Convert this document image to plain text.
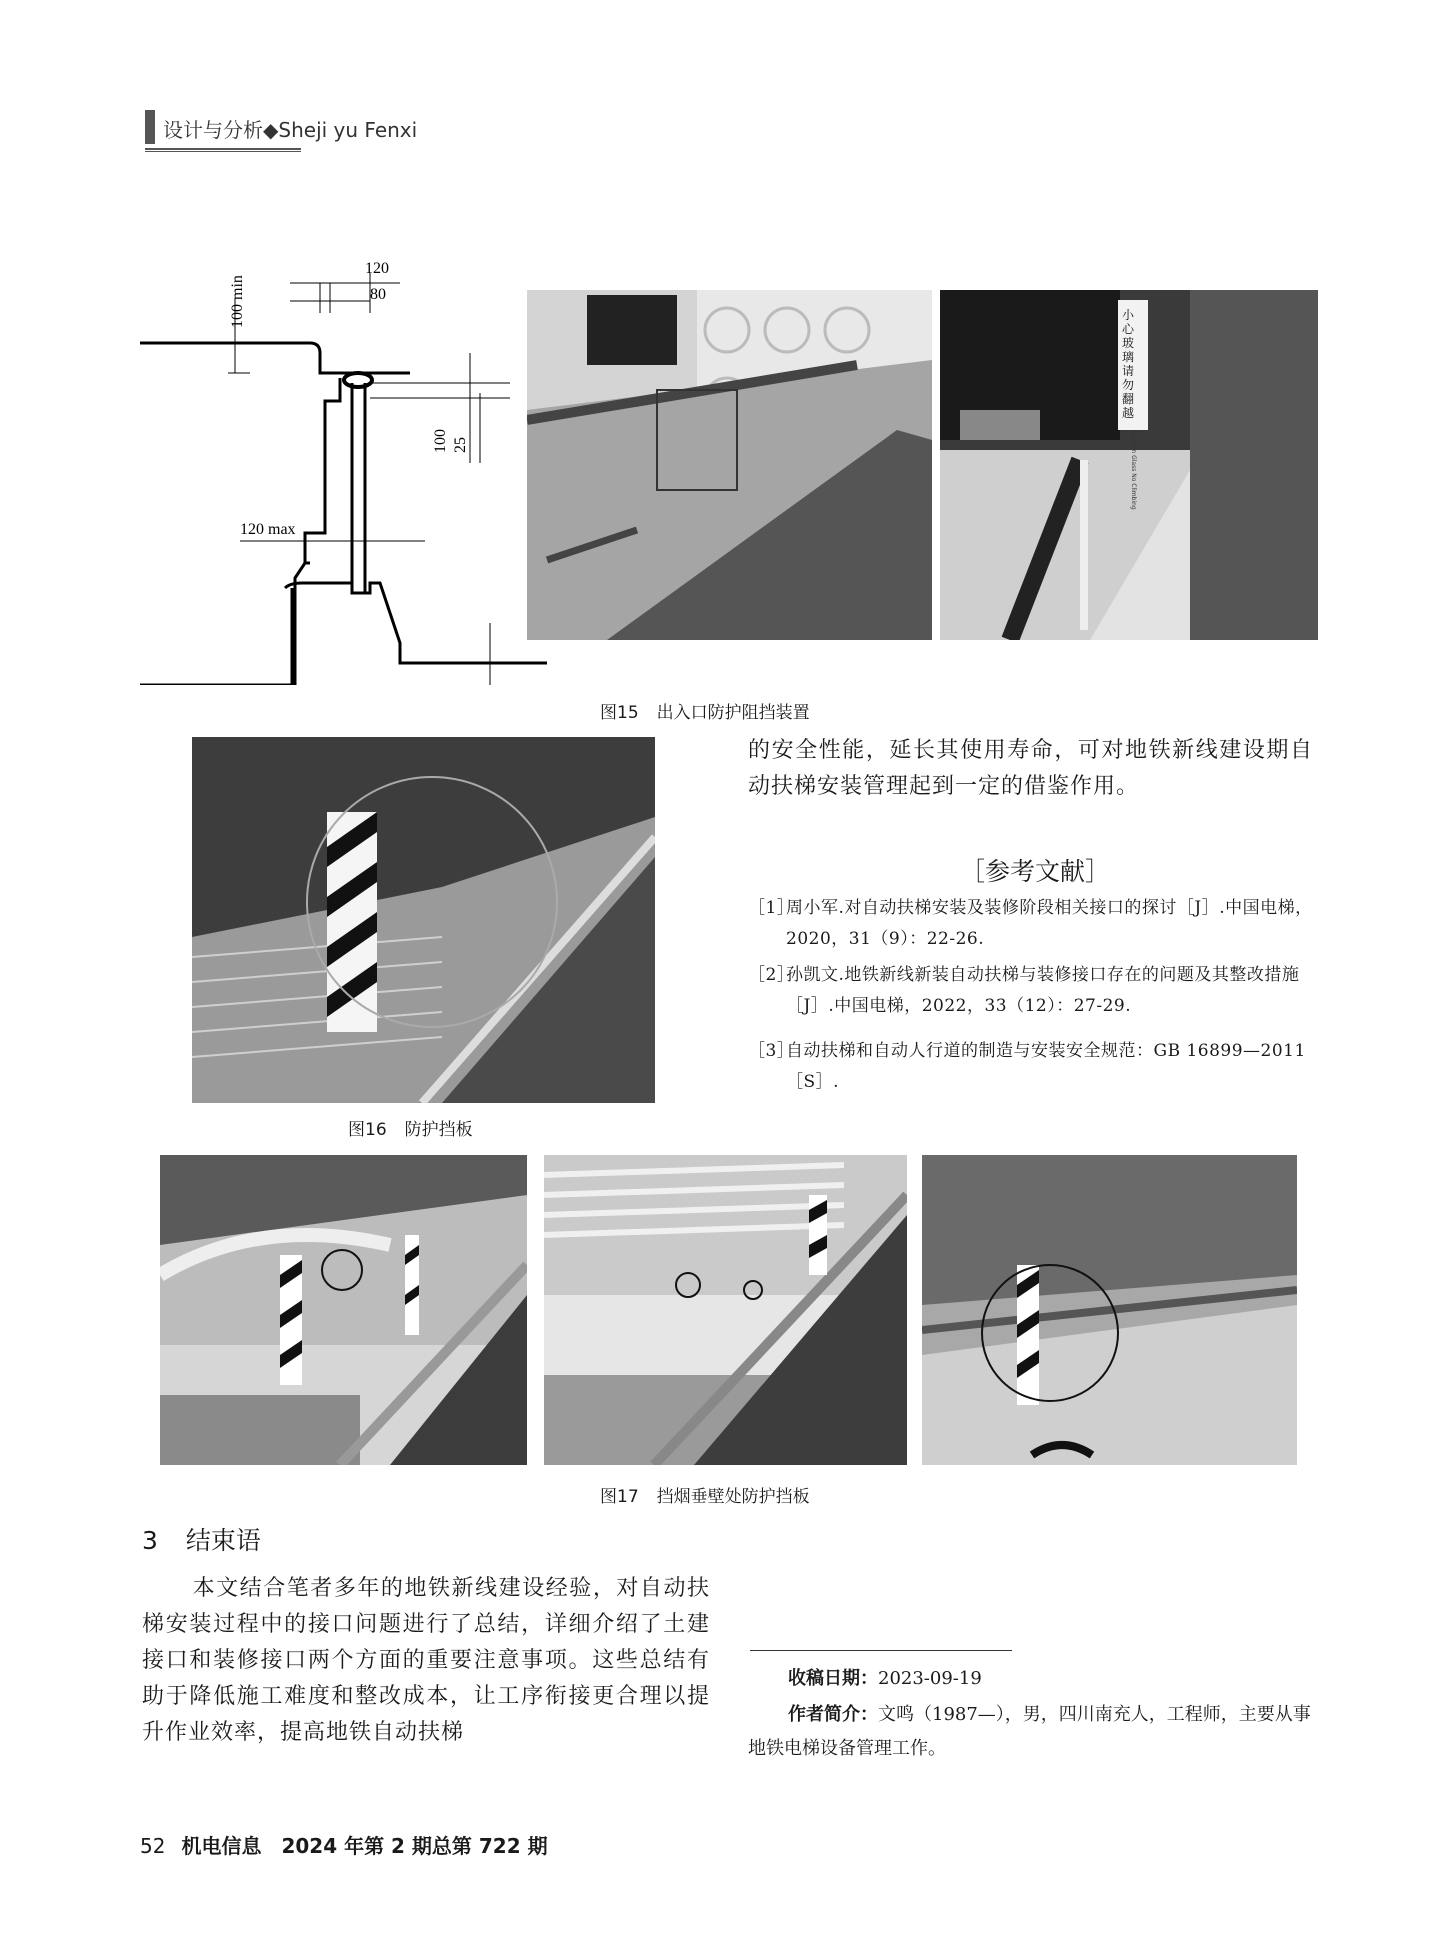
设计与分析◆Sheji yu Fenxi
100 min
120
80
100 25
120 max
小心玻璃 请勿翻越
Caution Glass No Climbing
图15 出入口防护阻挡装置
图16 防护挡板
的安全性能，延长其使用寿命，可对地铁新线建设期自动扶梯安装管理起到一定的借鉴作用。
［参考文献］
［1］
周小军.对自动扶梯安装及装修阶段相关接口的探讨［J］.中国电梯，2020，31（9）：22-26.
［2］
孙凯文.地铁新线新装自动扶梯与装修接口存在的问题及其整改措施［J］.中国电梯，2022，33（12）：27-29.
［3］
自动扶梯和自动人行道的制造与安装安全规范：GB 16899—2011［S］.
图17 挡烟垂壁处防护挡板
3 结束语
本文结合笔者多年的地铁新线建设经验，对自动扶梯安装过程中的接口问题进行了总结，详细介绍了土建接口和装修接口两个方面的重要注意事项。这些总结有助于降低施工难度和整改成本，让工序衔接更合理以提升作业效率，提高地铁自动扶梯
收稿日期：2023-09-19
作者简介：文鸣（1987—），男，四川南充人，工程师，主要从事地铁电梯设备管理工作。
52 机电信息 2024 年第 2 期总第 722 期
